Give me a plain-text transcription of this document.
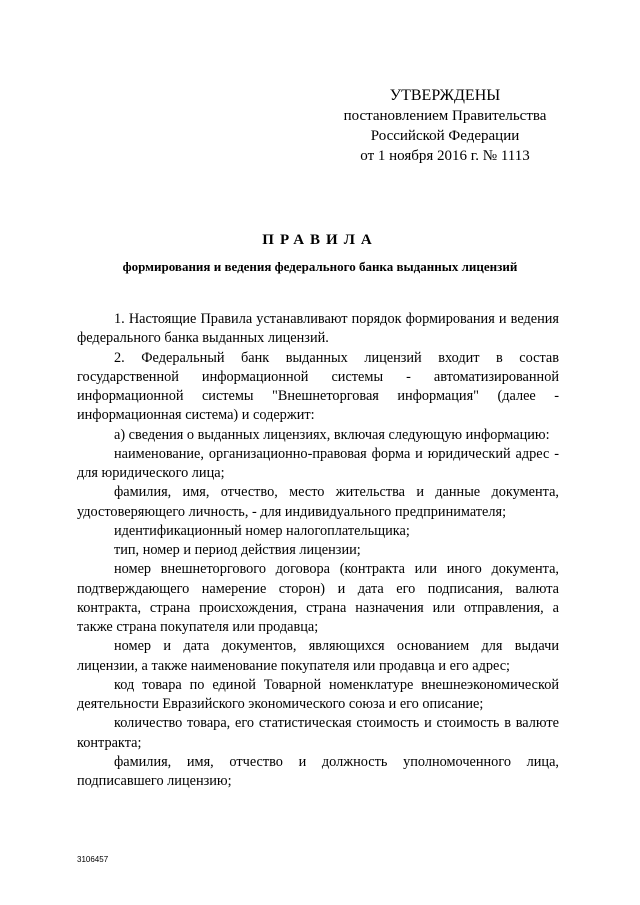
УТВЕРЖДЕНЫ
постановлением Правительства
Российской Федерации
от 1 ноября 2016 г. № 1113
ПРАВИЛА
формирования и ведения федерального банка выданных лицензий

1. Настоящие Правила устанавливают порядок формирования и ведения федерального банка выданных лицензий.

2. Федеральный банк выданных лицензий входит в состав государственной информационной системы - автоматизированной информационной системы "Внешнеторговая информация" (далее - информационная система) и содержит:

а) сведения о выданных лицензиях, включая следующую информацию:

наименование, организационно-правовая форма и юридический адрес - для юридического лица;

фамилия, имя, отчество, место жительства и данные документа, удостоверяющего личность, - для индивидуального предпринимателя;

идентификационный номер налогоплательщика;

тип, номер и период действия лицензии;

номер внешнеторгового договора (контракта или иного документа, подтверждающего намерение сторон) и дата его подписания, валюта контракта, страна происхождения, страна назначения или отправления, а также страна покупателя или продавца;

номер и дата документов, являющихся основанием для выдачи лицензии, а также наименование покупателя или продавца и его адрес;

код товара по единой Товарной номенклатуре внешнеэкономической деятельности Евразийского экономического союза и его описание;

количество товара, его статистическая стоимость и стоимость в валюте контракта;

фамилия, имя, отчество и должность уполномоченного лица, подписавшего лицензию;

3106457
